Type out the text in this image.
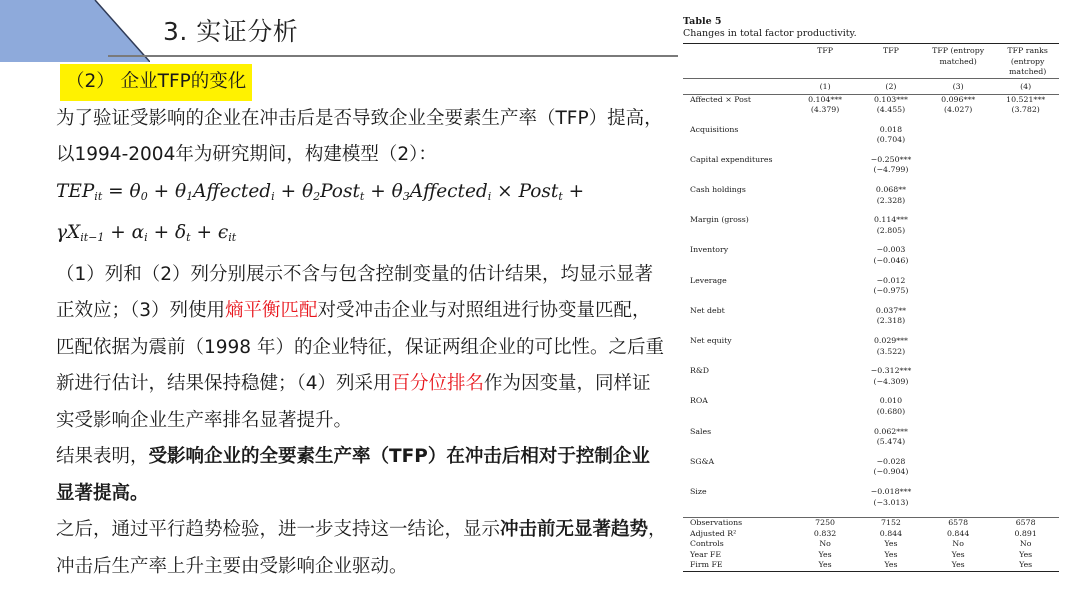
3. 实证分析
（2） 企业TFP的变化
为了验证受影响的企业在冲击后是否导致企业全要素生产率（TFP）提高，以1994-2004年为研究期间，构建模型（2）：
$TEP_{it} = \theta_0$ + $\theta_1Affected_i$ + $\theta_2Post_t$ + $\theta_3Affected_i$ × Post$_t$ +
$\gamma X_{it-1} + \alpha_i + \delta_t + \epsilon_{it}$
（1）列和（2）列分别展示不含与包含控制变量的估计结果，均显示显著正效应；（3）列使用熵平衡匹配对受冲击企业与对照组进行协变量匹配，匹配依据为震前（1998 年）的企业特征，保证两组企业的可比性。之后重新进行估计，结果保持稳健；（4）列采用百分位排名作为因变量，同样证实受影响企业生产率排名显著提升。
结果表明，受影响企业的全要素生产率（TFP）在冲击后相对于控制企业显著提高。
之后，通过平行趋势检验，进一步支持这一结论，显示冲击前无显著趋势，冲击后生产率上升主要由受影响企业驱动。
Table 5
Changes in total factor productivity.
	TFP	TFP	TFP (entropy matched)	TFP ranks (entropy matched)
	(1)	(2)	(3)	(4)
Affected × Post	0.104***	0.103***	0.096***	10.521***
	(4.379)	(4.455)	(4.027)	(3.782)

Acquisitions		0.018		
		(0.704)		

Capital expenditures		−0.250***		
		(−4.799)		

Cash holdings		0.068**		
		(2.328)		

Margin (gross)		0.114***		
		(2.805)		

Inventory		−0.003		
		(−0.046)		

Leverage		−0.012		
		(−0.975)		

Net debt		0.037**		
		(2.318)		

Net equity		0.029***		
		(3.522)		

R&D		−0.312***		
		(−4.309)		

ROA		0.010		
		(0.680)		

Sales		0.062***		
		(5.474)		

SG&A		−0.028		
		(−0.904)		

Size		−0.018***		
		(−3.013)		

Observations	7250	7152	6578	6578
Adjusted R²	0.832	0.844	0.844	0.891
Controls	No	Yes	No	No
Year FE	Yes	Yes	Yes	Yes
Firm FE	Yes	Yes	Yes	Yes
